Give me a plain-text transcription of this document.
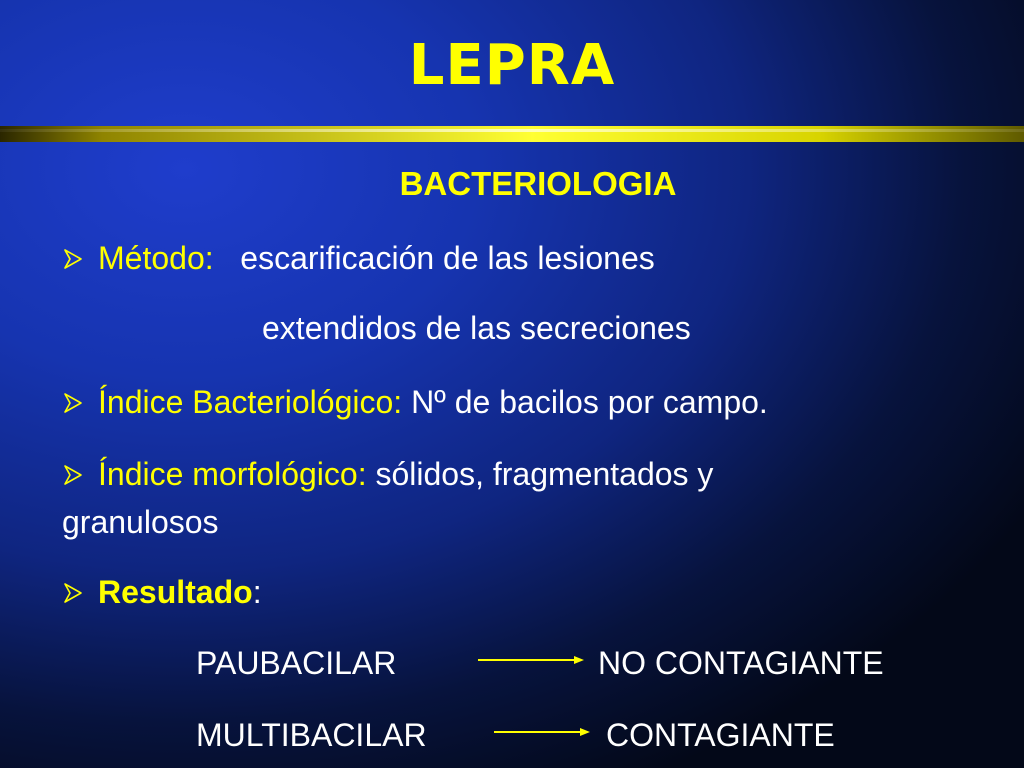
LEPRA
BACTERIOLOGIA
Método: escarificación de las lesiones
extendidos de las secreciones
Índice Bacteriológico: Nº de bacilos por campo.
Índice morfológico: sólidos, fragmentados y
granulosos
Resultado:
PAUBACILAR	NO CONTAGIANTE
MULTIBACILAR	CONTAGIANTE
